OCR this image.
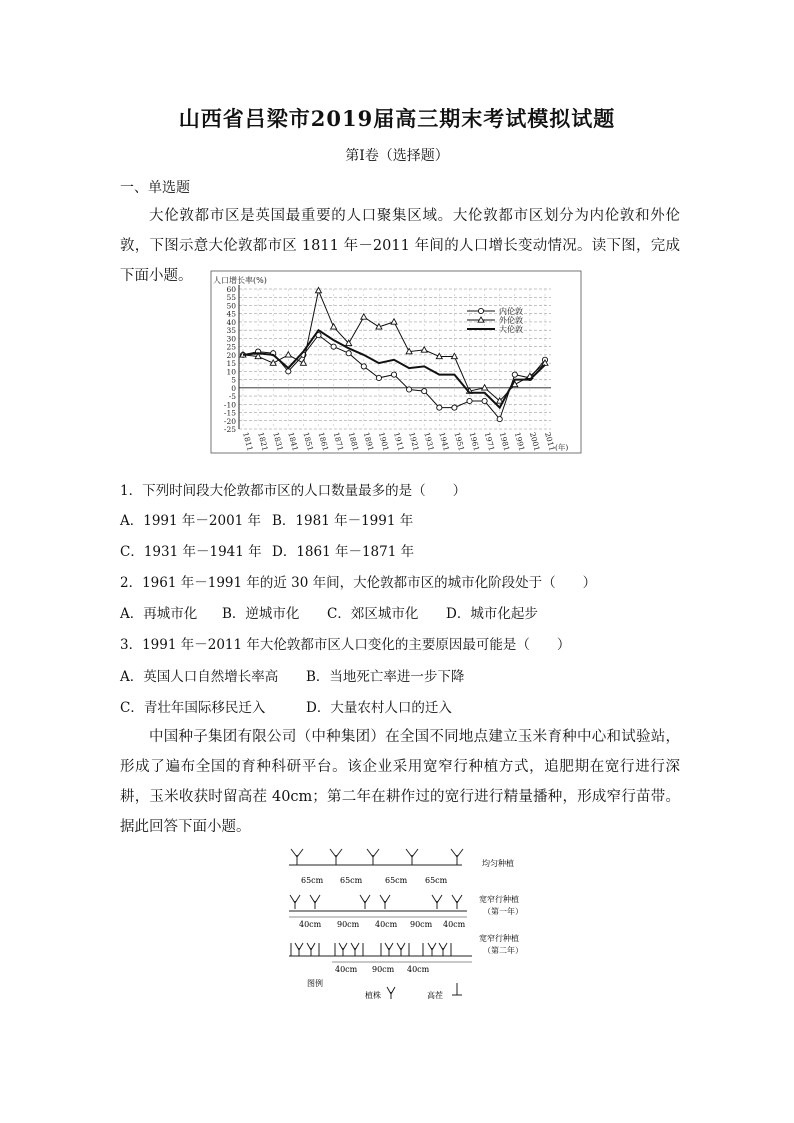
山西省吕梁市2019届高三期末考试模拟试题
第Ⅰ卷（选择题）
一、单选题
大伦敦都市区是英国最重要的人口聚集区域。大伦敦都市区划分为内伦敦和外伦敦，下图示意大伦敦都市区 1811 年－2011 年间的人口增长变动情况。读下图，完成下面小题。	人口增长率(%)
60
55
50
45
40
35
30
25
20
15
10
5
0
-5
-10
-15
-20
-25
1811 1821 1831 1841 1851 1861 1871 1881 1891 1901 1911 1921 1931 1941 1951 1961 1971 1981 1991 2001 2011
(年)
内伦敦
外伦敦
大伦敦
1．下列时间段大伦敦都市区的人口数量最多的是（　　）
A．1991 年－2001 年 B．1981 年－1991 年
C．1931 年－1941 年 D．1861 年－1871 年
2．1961 年－1991 年的近 30 年间，大伦敦都市区的城市化阶段处于（　　）
A．再城市化 B．逆城市化 C．郊区城市化 D．城市化起步
3．1991 年－2011 年大伦敦都市区人口变化的主要原因最可能是（　　）
A．英国人口自然增长率高 B．当地死亡率进一步下降
C．青壮年国际移民迁入	D．大量农村人口的迁入
中国种子集团有限公司（中种集团）在全国不同地点建立玉米育种中心和试验站，形成了遍布全国的育种科研平台。该企业采用宽窄行种植方式，追肥期在宽行进行深耕，玉米收获时留高茬 40cm；第二年在耕作过的宽行进行精量播种，形成窄行苗带。据此回答下面小题。
65cm 65cm	65cm 65cm
均匀种植
40cm 90cm 40cm 90cm 40cm
宽窄行种植
（第一年）
40cm 90cm 40cm
宽窄行种植
（第二年）
图例
植株	高茬
